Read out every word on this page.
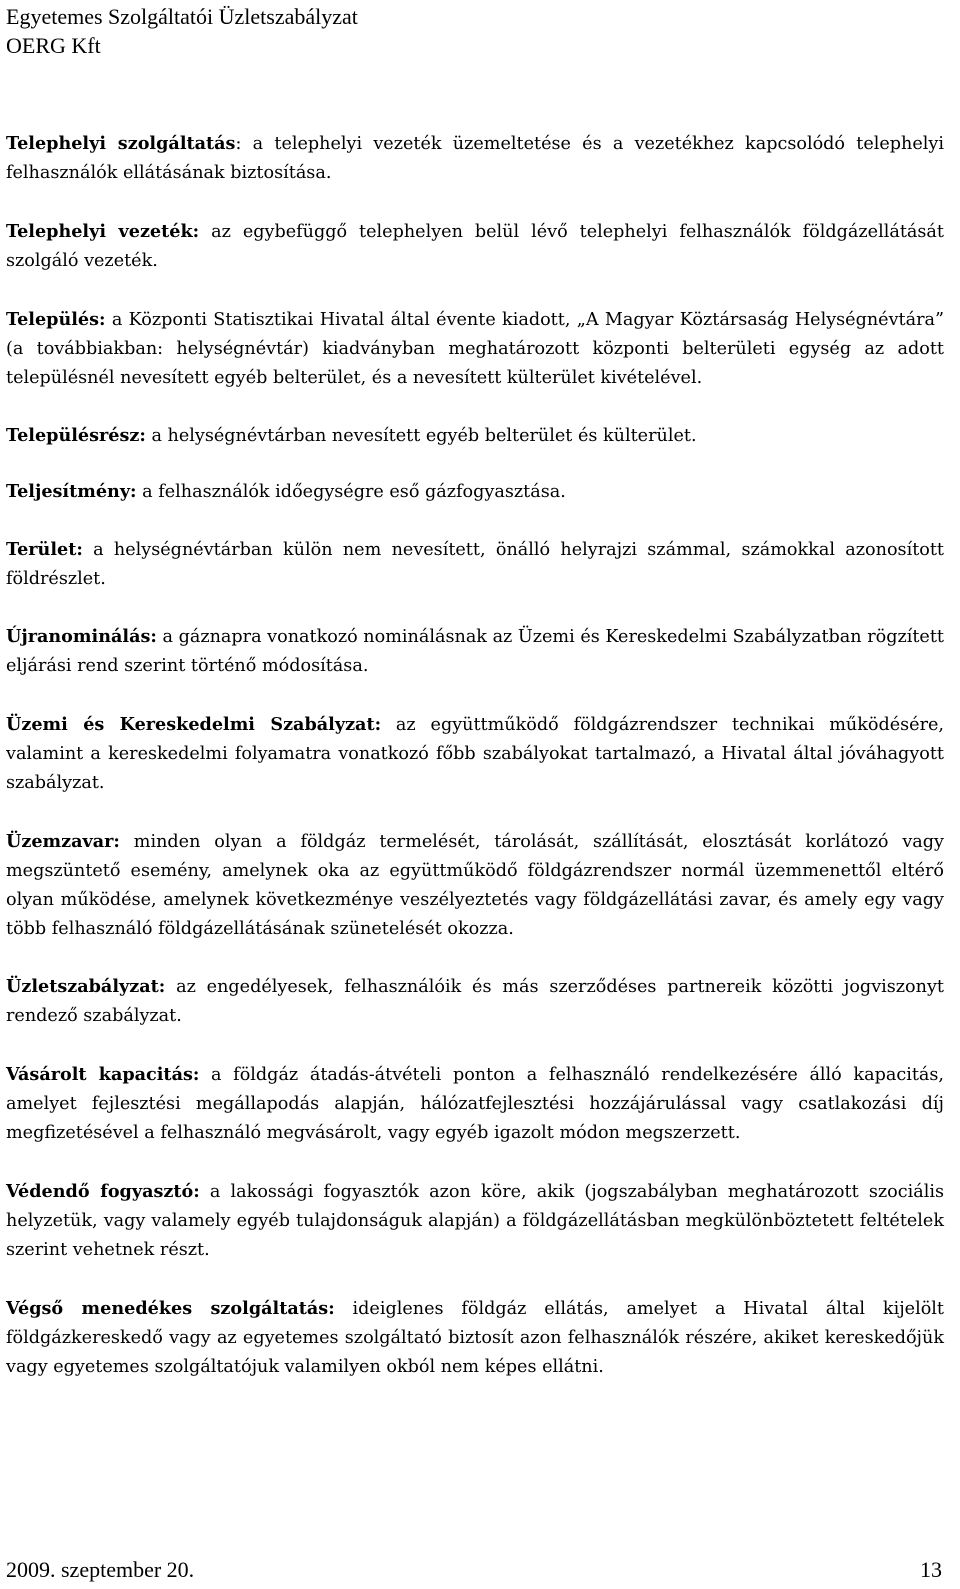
Egyetemes Szolgáltatói Üzletszabályzat
OERG Kft

Telephelyi szolgáltatás: a telephelyi vezeték üzemeltetése és a vezetékhez kapcsolódó telephelyi felhasználók ellátásának biztosítása.

Telephelyi vezeték: az egybefüggő telephelyen belül lévő telephelyi felhasználók földgázellátását szolgáló vezeték.

Település: a Központi Statisztikai Hivatal által évente kiadott, „A Magyar Köztársaság Helységnévtára” (a továbbiakban: helységnévtár) kiadványban meghatározott központi belterületi egység az adott településnél nevesített egyéb belterület, és a nevesített külterület kivételével.

Településrész: a helységnévtárban nevesített egyéb belterület és külterület.

Teljesítmény: a felhasználók időegységre eső gázfogyasztása.

Terület: a helységnévtárban külön nem nevesített, önálló helyrajzi számmal, számokkal azonosított földrészlet.

Újranominálás: a gáznapra vonatkozó nominálásnak az Üzemi és Kereskedelmi Szabályzatban rögzített eljárási rend szerint történő módosítása.

Üzemi és Kereskedelmi Szabályzat: az együttműködő földgázrendszer technikai működésére, valamint a kereskedelmi folyamatra vonatkozó főbb szabályokat tartalmazó, a Hivatal által jóváhagyott szabályzat.

Üzemzavar: minden olyan a földgáz termelését, tárolását, szállítását, elosztását korlátozó vagy megszüntető esemény, amelynek oka az együttműködő földgázrendszer normál üzemmenettől eltérő olyan működése, amelynek következménye veszélyeztetés vagy földgázellátási zavar, és amely egy vagy több felhasználó földgázellátásának szünetelését okozza.

Üzletszabályzat: az engedélyesek, felhasználóik és más szerződéses partnereik közötti jogviszonyt rendező szabályzat.

Vásárolt kapacitás: a földgáz átadás-átvételi ponton a felhasználó rendelkezésére álló kapacitás, amelyet fejlesztési megállapodás alapján, hálózatfejlesztési hozzájárulással vagy csatlakozási díj megfizetésével a felhasználó megvásárolt, vagy egyéb igazolt módon megszerzett.

Védendő fogyasztó: a lakossági fogyasztók azon köre, akik (jogszabályban meghatározott szociális helyzetük, vagy valamely egyéb tulajdonságuk alapján) a földgázellátásban megkülönböztetett feltételek szerint vehetnek részt.

Végső menedékes szolgáltatás: ideiglenes földgáz ellátás, amelyet a Hivatal által kijelölt földgázkereskedő vagy az egyetemes szolgáltató biztosít azon felhasználók részére, akiket kereskedőjük vagy egyetemes szolgáltatójuk valamilyen okból nem képes ellátni.

2009. szeptember 20.	13
